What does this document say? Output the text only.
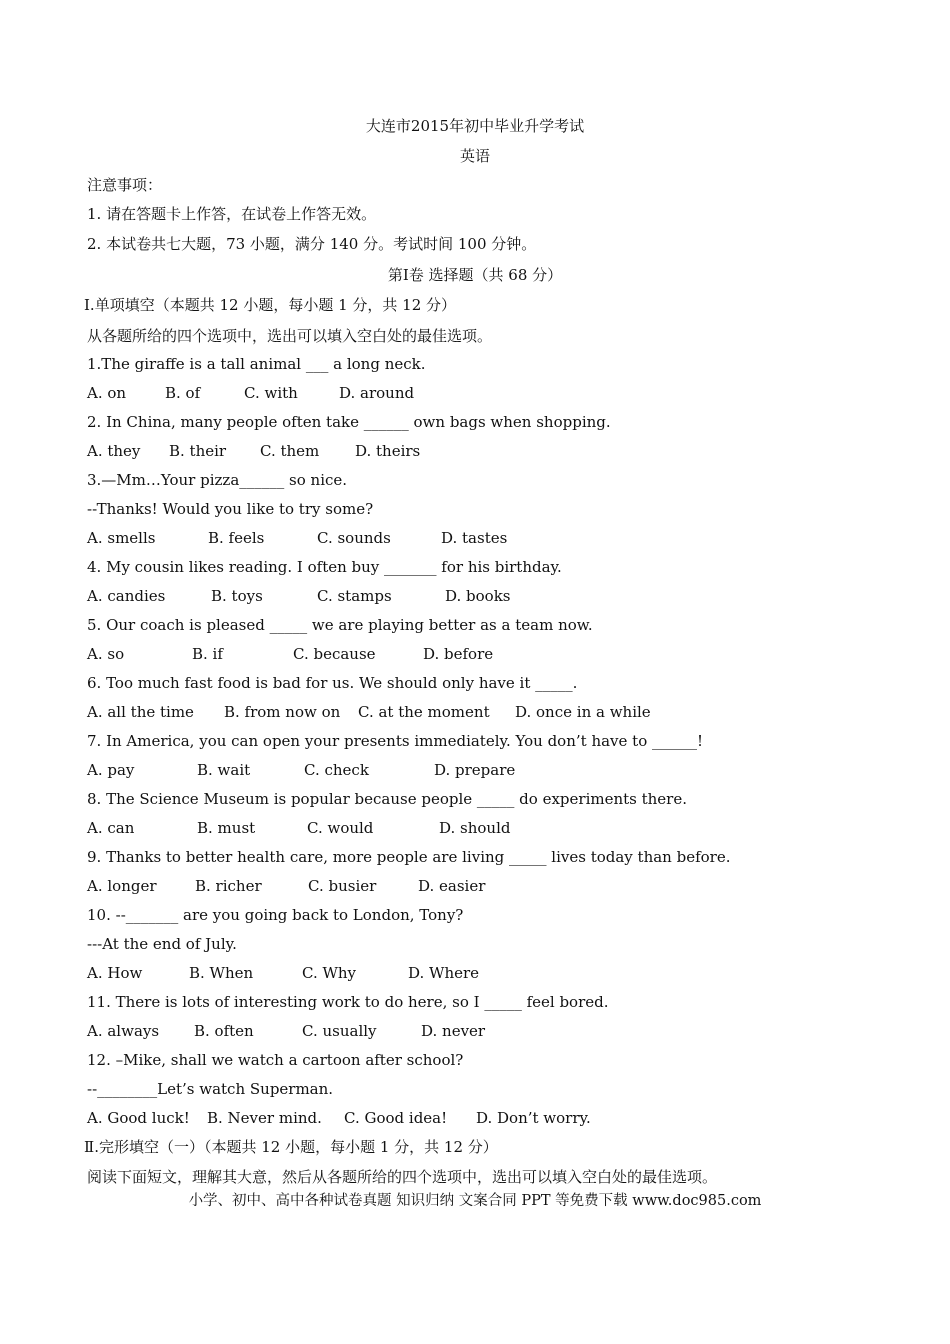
大连市2015年初中毕业升学考试
英语
注意事项：
1. 请在答题卡上作答，在试卷上作答无效。
2. 本试卷共七大题，73 小题，满分 140 分。考试时间 100 分钟。
第Ⅰ卷 选择题（共 68 分）
Ⅰ.单项填空（本题共 12 小题，每小题 1 分，共 12 分）
从各题所给的四个选项中，选出可以填入空白处的最佳选项。
1.The giraffe is a tall animal ___ a long neck.
A. on	B. of	C. with	D. around
2. In China, many people often take ______ own bags when shopping.
A. they B. their C. them D. theirs
3.—Mm…Your pizza______ so nice.
--Thanks! Would you like to try some?
A. smells	B. feels	C. sounds	D. tastes
4. My cousin likes reading. I often buy _______ for his birthday.
A. candies	B. toys	C. stamps	D. books
5. Our coach is pleased _____ we are playing better as a team now.
A. so	B. if	C. because	D. before
6. Too much fast food is bad for us. We should only have it _____.
A. all the time B. from now on C. at the moment D. once in a while
7. In America, you can open your presents immediately. You don’t have to ______!
A. pay	B. wait	C. check	D. prepare
8. The Science Museum is popular because people _____ do experiments there.
A. can	B. must	C. would	D. should
9. Thanks to better health care, more people are living _____ lives today than before.
A. longer	B. richer	C. busier	D. easier
10. --_______ are you going back to London, Tony?
---At the end of July.
A. How	B. When	C. Why	D. Where
11. There is lots of interesting work to do here, so I _____ feel bored.
A. always B. often	C. usually	D. never
12. –Mike, shall we watch a cartoon after school?
--________Let’s watch Superman.
A. Good luck! B. Never mind. C. Good idea! D. Don’t worry.
Ⅱ.完形填空（一）（本题共 12 小题，每小题 1 分，共 12 分）
阅读下面短文，理解其大意，然后从各题所给的四个选项中，选出可以填入空白处的最佳选项。
小学、初中、高中各种试卷真题 知识归纳 文案合同 PPT 等免费下载 www.doc985.com
